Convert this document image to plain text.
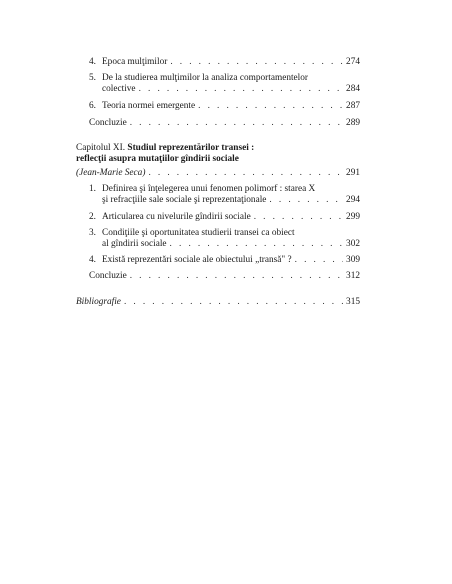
4. Epoca mulţimilor . . .	274
5. De la studierea mulţimilor la analiza comportamentelor
colective . . .	284
6. Teoria normei emergente . . .	287
Concluzie . . .	289
Capitolul XI. Studiul reprezentărilor transei :
reflecţii asupra mutaţiilor gîndirii sociale
(Jean-Marie Seca) . . .	291
1. Definirea şi înţelegerea unui fenomen polimorf : starea X
şi refracţiile sale sociale şi reprezentaţionale . . .	294
2. Articularea cu nivelurile gîndirii sociale . . .	299
3. Condiţiile şi oportunitatea studierii transei ca obiect
al gîndirii sociale . . .	302
4. Există reprezentări sociale ale obiectului „transă" ? . . .	309
Concluzie . . .	312
Bibliografie . . .	315
